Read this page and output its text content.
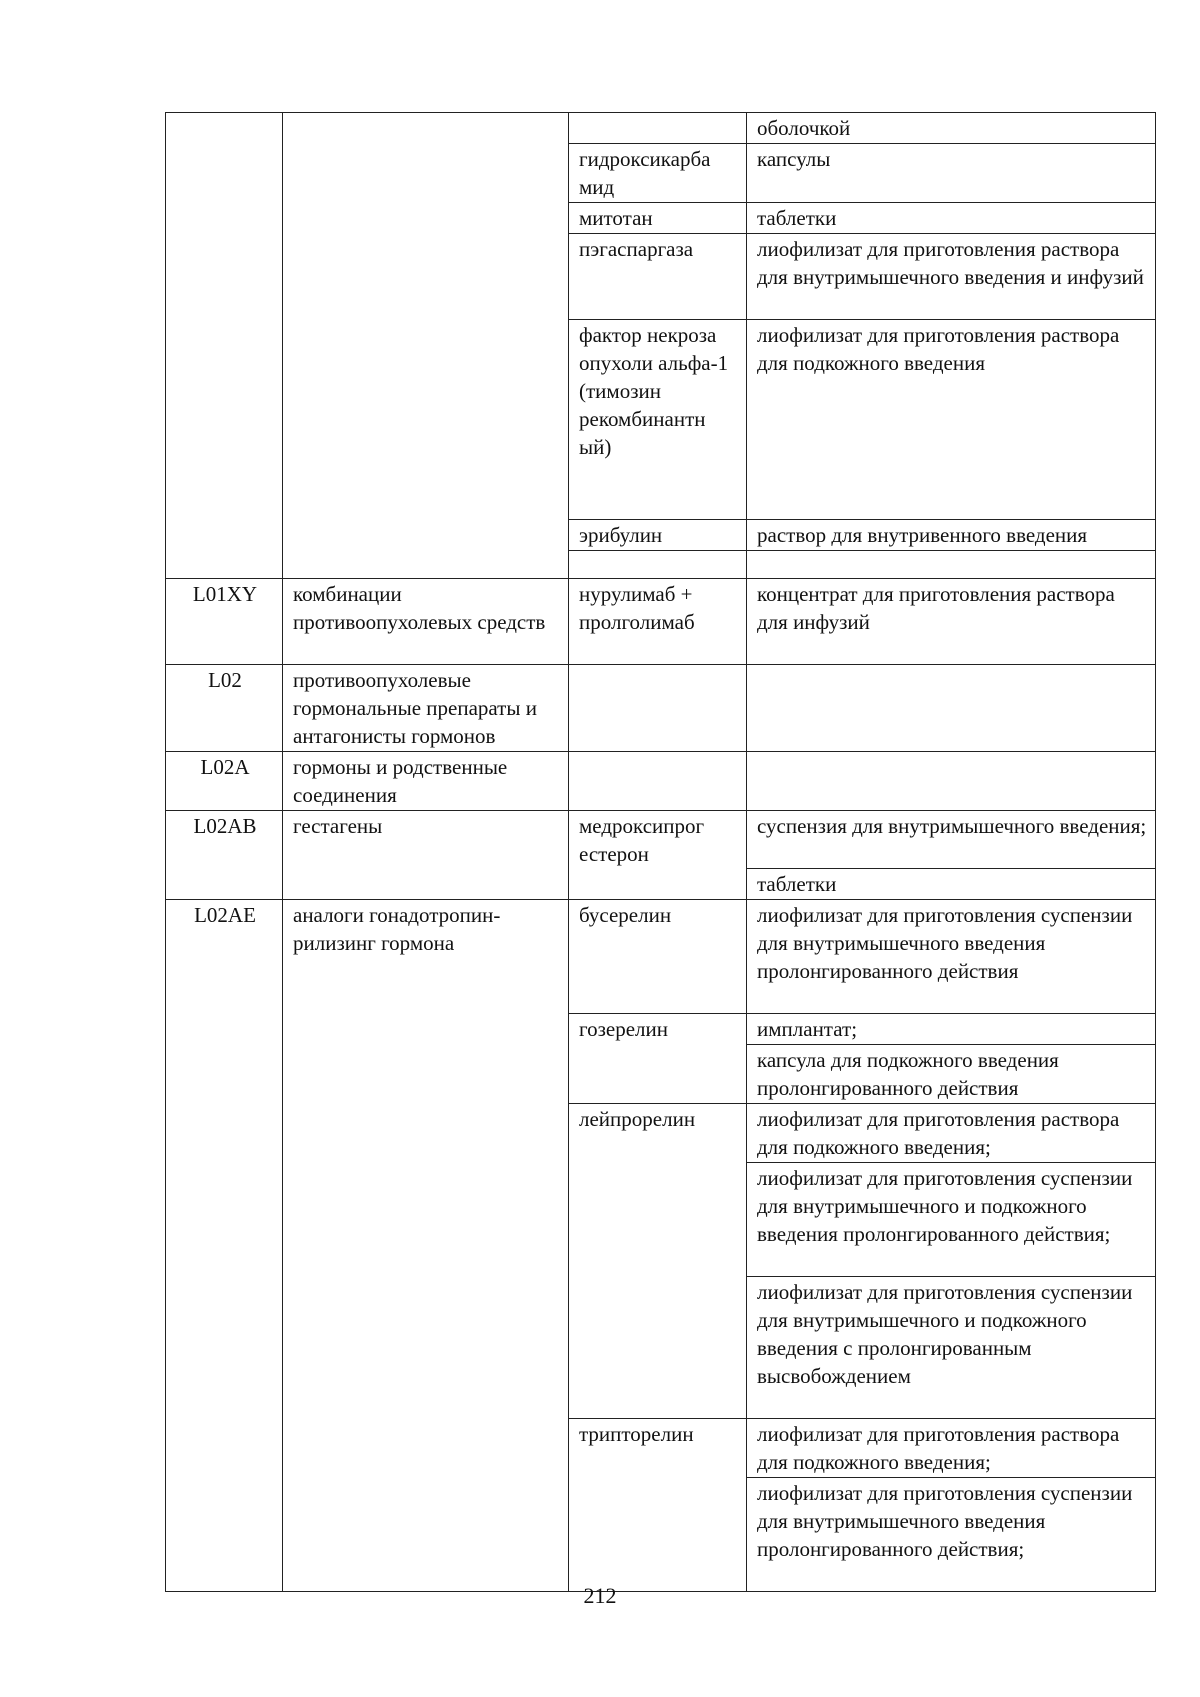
			оболочкой
		гидроксикарба мид	капсулы
		митотан	таблетки
		пэгаспаргаза	лиофилизат для приготовления раствора для внутримышечного введения и инфузий
		фактор некроза опухоли альфа-1 (тимозин рекомбинантн ый)	лиофилизат для приготовления раствора для подкожного введения
		эрибулин	раствор для внутривенного введения

L01XY	комбинации противоопухолевых средств	нурулимаб + пролголимаб	концентрат для приготовления раствора для инфузий
L02	противоопухолевые гормональные препараты и антагонисты гормонов		
L02A	гормоны и родственные соединения		
L02AB	гестагены	медроксипрог естерон	суспензия для внутримышечного введения;
			таблетки
L02AE	аналоги гонадотропин-рилизинг гормона	бусерелин	лиофилизат для приготовления суспензии для внутримышечного введения пролонгированного действия
		гозерелин	имплантат;
			капсула для подкожного введения пролонгированного действия
		лейпрорелин	лиофилизат для приготовления раствора для подкожного введения;
			лиофилизат для приготовления суспензии для внутримышечного и подкожного введения пролонгированного действия;
			лиофилизат для приготовления суспензии для внутримышечного и подкожного введения с пролонгированным высвобождением
		трипторелин	лиофилизат для приготовления раствора для подкожного введения;
			лиофилизат для приготовления суспензии для внутримышечного введения пролонгированного действия;
212
